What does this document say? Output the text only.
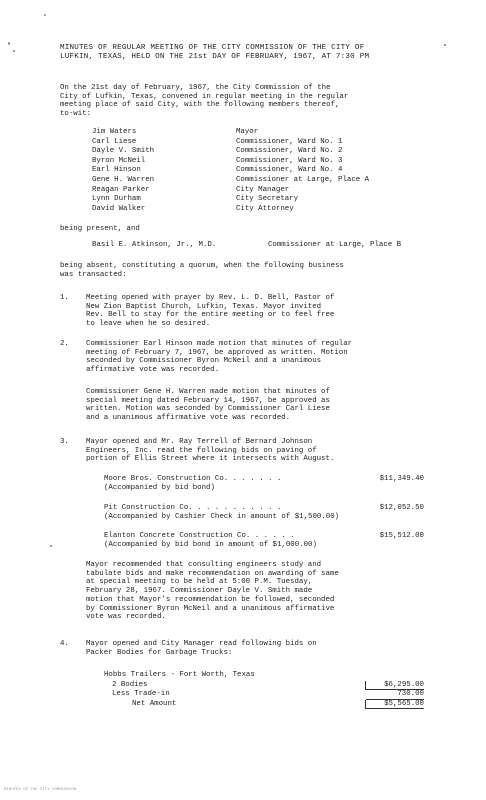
MINUTES OF REGULAR MEETING OF THE CITY COMMISSION OF THE CITY OF
LUFKIN, TEXAS, HELD ON THE 21st DAY OF FEBRUARY, 1967, AT 7:30 PM
On the 21st day of February, 1967, the City Commission of the
City of Lufkin, Texas, convened in regular meeting in the regular
meeting place of said City, with the following members thereof,
to-wit:
Jim Waters	Mayor
Carl Liese	Commissioner, Ward No. 1
Dayle V. Smith	Commissioner, Ward No. 2
Byron McNeil	Commissioner, Ward No. 3
Earl Hinson	Commissioner, Ward No. 4
Gene H. Warren	Commissioner at Large, Place A
Reagan Parker	City Manager
Lynn Durham	City Secretary
David Walker	City Attorney
being present, and
Basil E. Atkinson, Jr., M.D.	Commissioner at Large, Place B
being absent, constituting a quorum, when the following business
was transacted:
1.	Meeting opened with prayer by Rev. L. D. Bell, Pastor of
New Zion Baptist Church, Lufkin, Texas. Mayor invited
Rev. Bell to stay for the entire meeting or to feel free
to leave when he so desired.
2.	Commissioner Earl Hinson made motion that minutes of regular
meeting of February 7, 1967, be approved as written. Motion
seconded by Commissioner Byron McNeil and a unanimous
affirmative vote was recorded.
Commissioner Gene H. Warren made motion that minutes of
special meeting dated February 14, 1967, be approved as
written. Motion was seconded by Commissioner Carl Liese
and a unanimous affirmative vote was recorded.
3.	Mayor opened and Mr. Ray Terrell of Bernard Johnson
Engineers, Inc. read the following bids on paving of
portion of Ellis Street where it intersects with August.
Moore Bros. Construction Co. . . . . . .	$11,349.40
(Accompanied by bid bond)
Pit Construction Co. . . . . . . . . . .	$12,052.50
(Accompanied by Cashier Check in amount of $1,500.00)
Elanton Concrete Construction Co. . . . . .	$15,512.00
(Accompanied by bid bond in amount of $1,000.00)
Mayor recommended that consulting engineers study and
tabulate bids and make recommendation on awarding of same
at special meeting to be held at 5:00 P.M. Tuesday,
February 28, 1967. Commissioner Dayle V. Smith made
motion that Mayor's recommendation be followed, seconded
by Commissioner Byron McNeil and a unanimous affirmative
vote was recorded.
4.	Mayor opened and City Manager read following bids on
Packer Bodies for Garbage Trucks:
Hobbs Trailers - Fort Worth, Texas
2 Bodies	$6,295.00
Less Trade-in	730.00
Net Amount	$5,565.00
MINUTES OF THE CITY COMMISSION
